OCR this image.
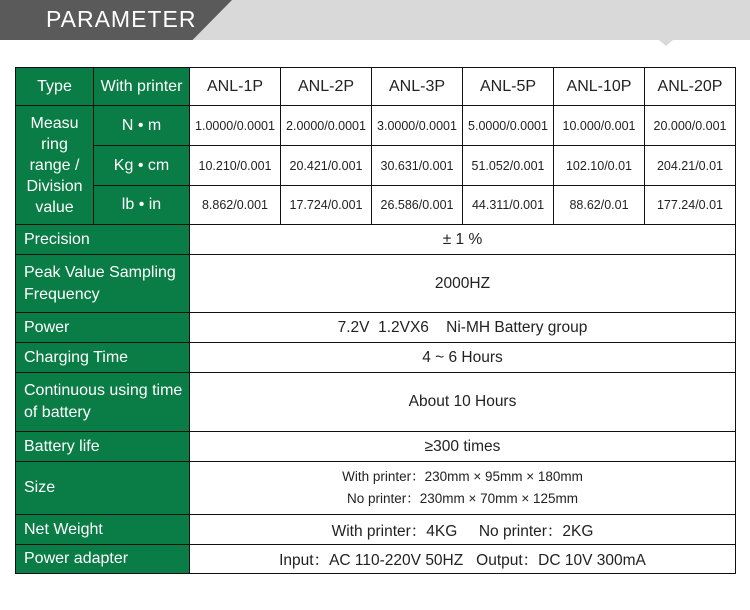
PARAMETER
Type	With printer	ANL-1P	ANL-2P	ANL-3P	ANL-5P	ANL-10P	ANL-20P
Measu ring range / Division value	N • m	1.0000/0.0001	2.0000/0.0001	3.0000/0.0001	5.0000/0.0001	10.000/0.001	20.000/0.001
	Kg • cm	10.210/0.001	20.421/0.001	30.631/0.001	51.052/0.001	102.10/0.01	204.21/0.01
	lb • in	8.862/0.001	17.724/0.001	26.586/0.001	44.311/0.001	88.62/0.01	177.24/0.01
Precision		± 1 %					
Peak Value Sampling Frequency		2000HZ					
Power		7.2V  1.2VX6    Ni-MH Battery group					
Charging Time		4 ~ 6 Hours					
Continuous using time of battery		About 10 Hours					
Battery life		≥300 times					
Size		With printer：230mm × 95mm × 180mm
No printer：230mm × 70mm × 125mm					

Net Weight		With printer：4KG     No printer：2KG					
Power adapter		Input：AC 110-220V 50HZ   Output：DC 10V 300mA					
